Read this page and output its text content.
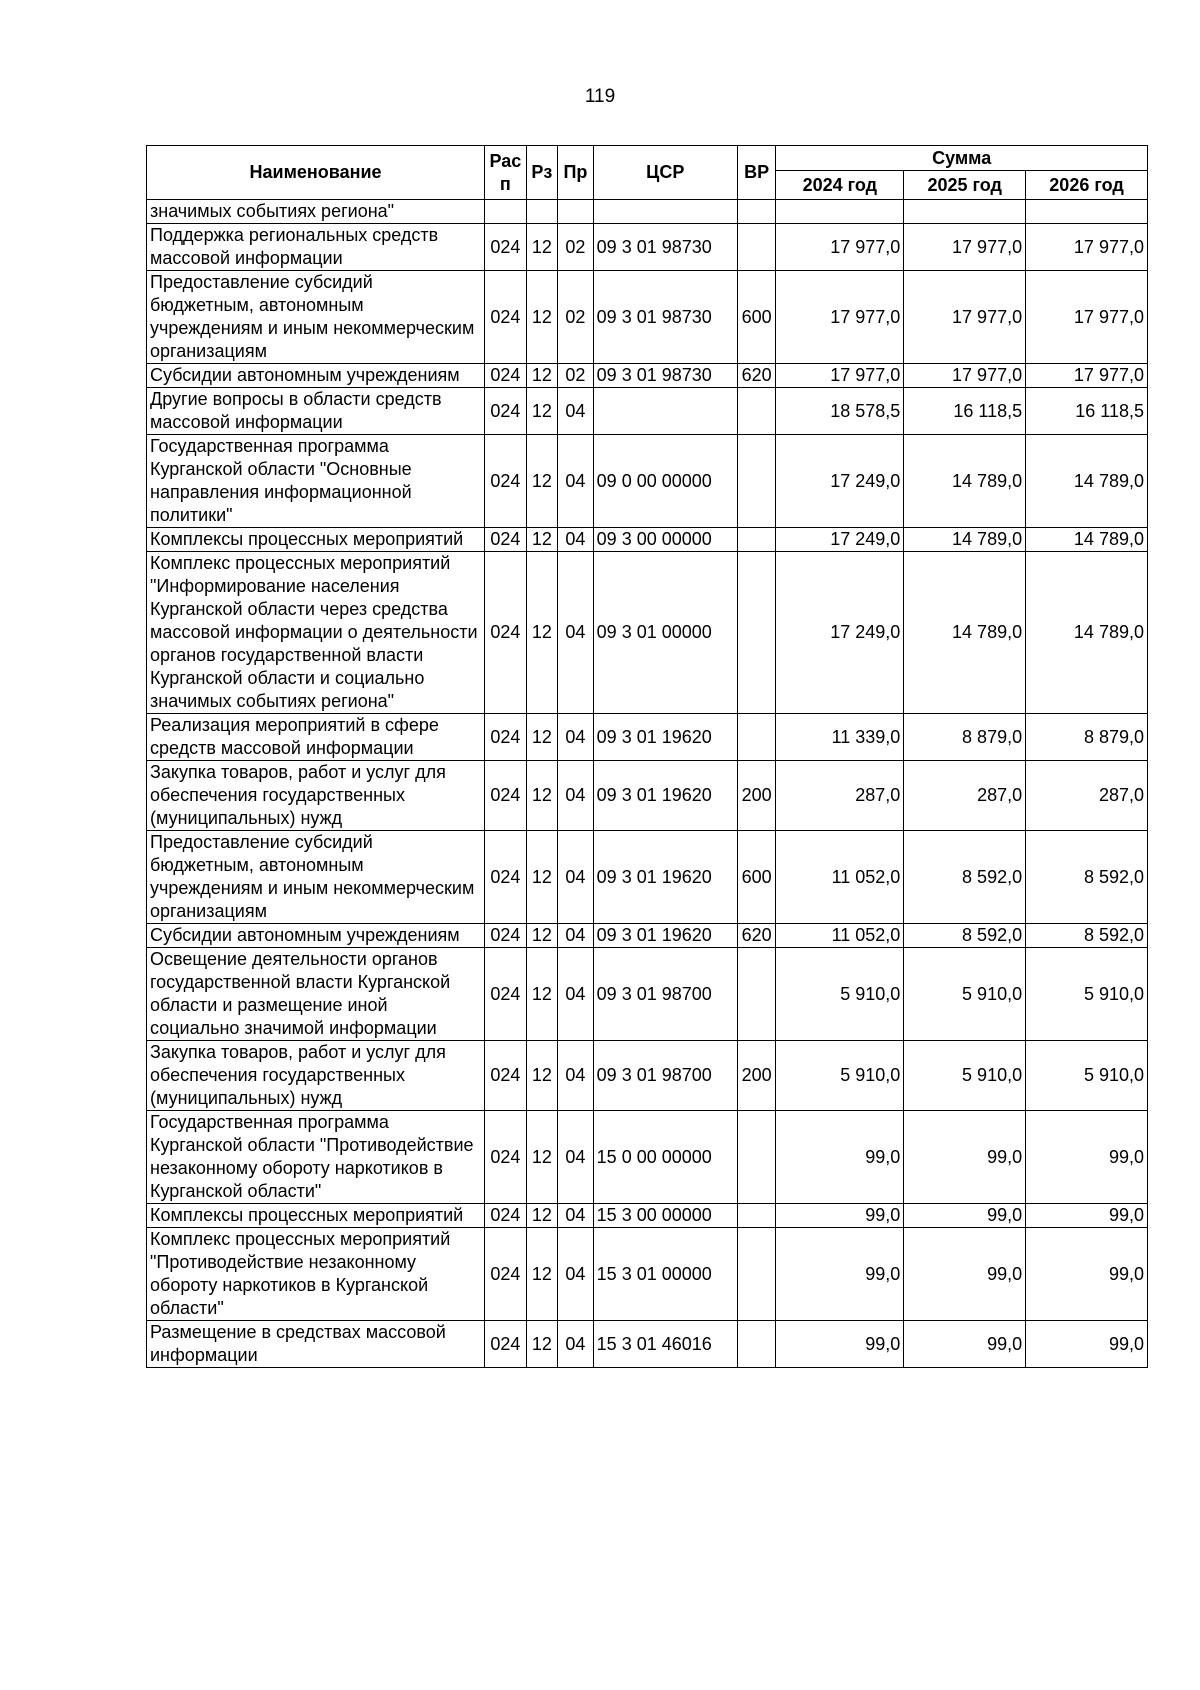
119
Наименование	Рас п	Рз	Пр	ЦСР	ВР	Сумма		
						2024 год	2025 год	2026 год
значимых событиях региона"								
Поддержка региональных средств массовой информации	024	12	02	09 3 01 98730		17 977,0	17 977,0	17 977,0
Предоставление субсидий бюджетным, автономным учреждениям и иным некоммерческим организациям	024	12	02	09 3 01 98730	600	17 977,0	17 977,0	17 977,0
Субсидии автономным учреждениям	024	12	02	09 3 01 98730	620	17 977,0	17 977,0	17 977,0
Другие вопросы в области средств массовой информации	024	12	04			18 578,5	16 118,5	16 118,5
Государственная программа Курганской области "Основные направления информационной политики"	024	12	04	09 0 00 00000		17 249,0	14 789,0	14 789,0
Комплексы процессных мероприятий	024	12	04	09 3 00 00000		17 249,0	14 789,0	14 789,0
Комплекс процессных мероприятий "Информирование населения Курганской области через средства массовой информации о деятельности органов государственной власти Курганской области и социально значимых событиях региона"	024	12	04	09 3 01 00000		17 249,0	14 789,0	14 789,0
Реализация мероприятий в сфере средств массовой информации	024	12	04	09 3 01 19620		11 339,0	8 879,0	8 879,0
Закупка товаров, работ и услуг для обеспечения государственных (муниципальных) нужд	024	12	04	09 3 01 19620	200	287,0	287,0	287,0
Предоставление субсидий бюджетным, автономным учреждениям и иным некоммерческим организациям	024	12	04	09 3 01 19620	600	11 052,0	8 592,0	8 592,0
Субсидии автономным учреждениям	024	12	04	09 3 01 19620	620	11 052,0	8 592,0	8 592,0
Освещение деятельности органов государственной власти Курганской области и размещение иной социально значимой информации	024	12	04	09 3 01 98700		5 910,0	5 910,0	5 910,0
Закупка товаров, работ и услуг для обеспечения государственных (муниципальных) нужд	024	12	04	09 3 01 98700	200	5 910,0	5 910,0	5 910,0
Государственная программа Курганской области "Противодействие незаконному обороту наркотиков в Курганской области"	024	12	04	15 0 00 00000		99,0	99,0	99,0
Комплексы процессных мероприятий	024	12	04	15 3 00 00000		99,0	99,0	99,0
Комплекс процессных мероприятий "Противодействие незаконному обороту наркотиков в Курганской области"	024	12	04	15 3 01 00000		99,0	99,0	99,0
Размещение в средствах массовой информации	024	12	04	15 3 01 46016		99,0	99,0	99,0
